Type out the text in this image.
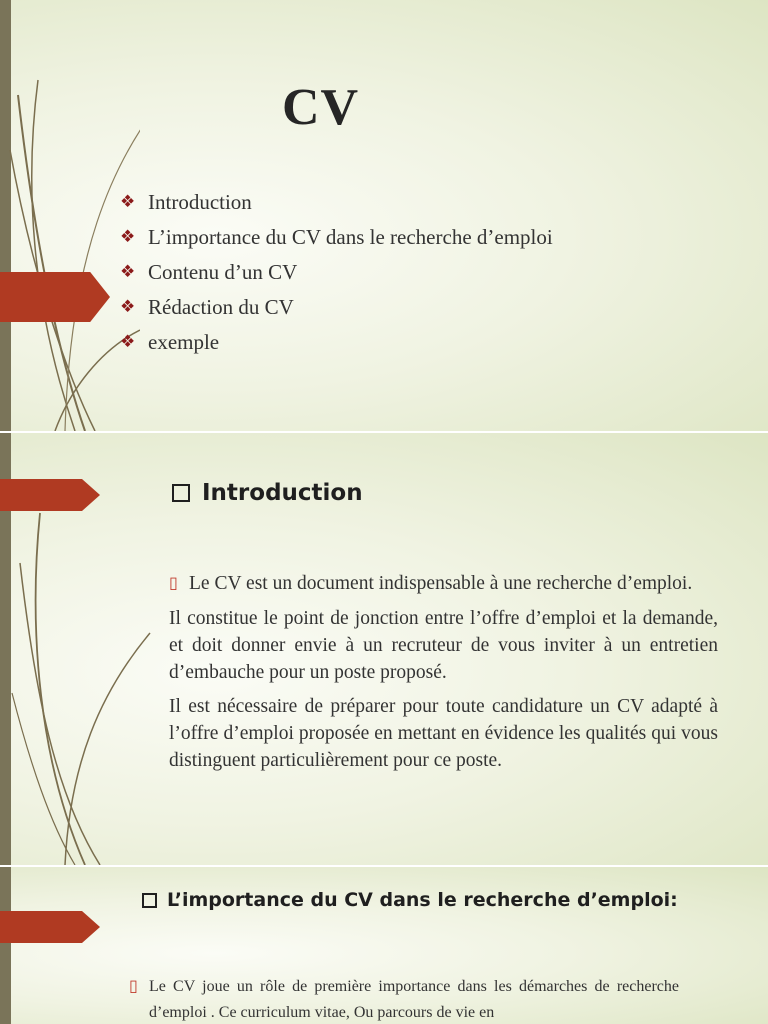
CV
❖ Introduction
❖ L’importance du CV dans le recherche d’emploi
❖ Contenu d’un CV
❖ Rédaction du CV
❖ exemple
Introduction
▯ Le CV est un document indispensable à une recherche d’emploi.

Il constitue le point de jonction entre l’offre d’emploi et la demande, et doit donner envie à un recruteur de vous inviter à un entretien d’embauche pour un poste proposé.

Il est nécessaire de préparer pour toute candidature un CV adapté à l’offre d’emploi proposée en mettant en évidence les qualités qui vous distinguent particulièrement pour ce poste.

L’importance du CV dans le recherche d’emploi:
▯ Le CV joue un rôle de première importance dans les démarches de recherche d’emploi . Ce curriculum vitae, Ou parcours de vie en
